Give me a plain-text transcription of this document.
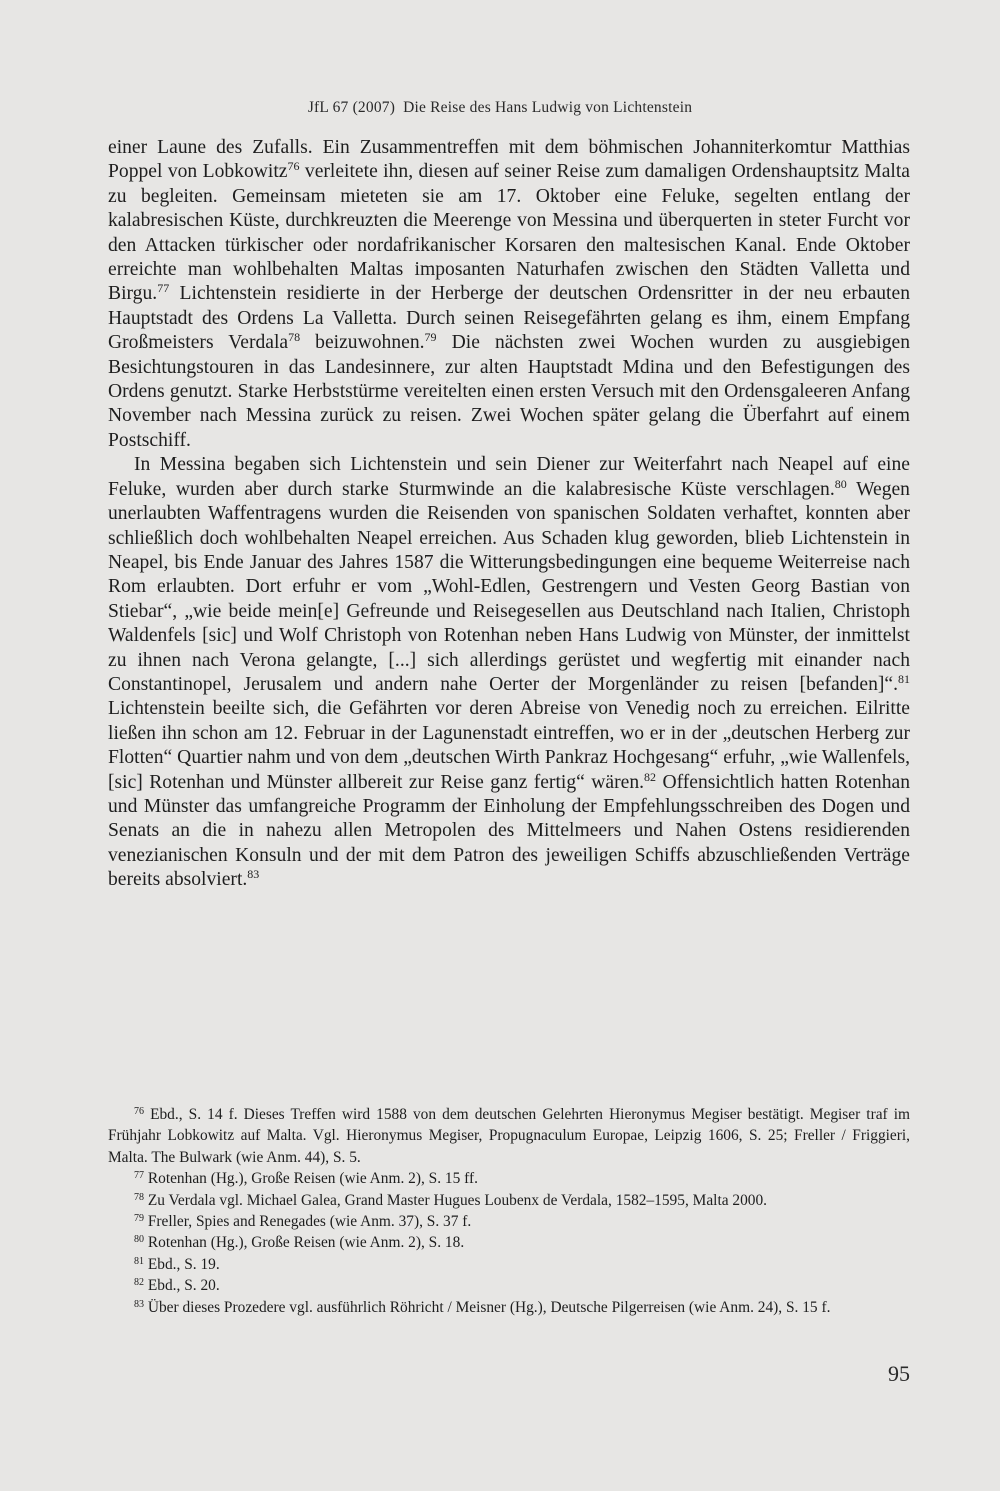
JfL 67 (2007) Die Reise des Hans Ludwig von Lichtenstein

einer Laune des Zufalls. Ein Zusammentreffen mit dem böhmischen Johanniterkomtur Matthias Poppel von Lobkowitz$^{76}$ verleitete ihn, diesen auf seiner Reise zum damaligen Ordenshauptsitz Malta zu begleiten. Gemeinsam mieteten sie am 17. Oktober eine Feluke, segelten entlang der kalabresischen Küste, durchkreuzten die Meerenge von Messina und überquerten in steter Furcht vor den Attacken türkischer oder nordafrikanischer Korsaren den maltesischen Kanal. Ende Oktober erreichte man wohlbehalten Maltas imposanten Naturhafen zwischen den Städten Valletta und Birgu.$^{77}$ Lichtenstein residierte in der Herberge der deutschen Ordensritter in der neu erbauten Hauptstadt des Ordens La Valletta. Durch seinen Reisegefährten gelang es ihm, einem Empfang Großmeisters Verdala$^{78}$ beizuwohnen.$^{79}$ Die nächsten zwei Wochen wurden zu ausgiebigen Besichtungstouren in das Landesinnere, zur alten Hauptstadt Mdina und den Befestigungen des Ordens genutzt. Starke Herbststürme vereitelten einen ersten Versuch mit den Ordensgaleeren Anfang November nach Messina zurück zu reisen. Zwei Wochen später gelang die Überfahrt auf einem Postschiff.

In Messina begaben sich Lichtenstein und sein Diener zur Weiterfahrt nach Neapel auf eine Feluke, wurden aber durch starke Sturmwinde an die kalabresische Küste verschlagen.$^{80}$ Wegen unerlaubten Waffentragens wurden die Reisenden von spanischen Soldaten verhaftet, konnten aber schließlich doch wohlbehalten Neapel erreichen. Aus Schaden klug geworden, blieb Lichtenstein in Neapel, bis Ende Januar des Jahres 1587 die Witterungsbedingungen eine bequeme Weiterreise nach Rom erlaubten. Dort erfuhr er vom „Wohl-Edlen, Gestrengern und Vesten Georg Bastian von Stiebar“, „wie beide mein[e] Gefreunde und Reisegesellen aus Deutschland nach Italien, Christoph Waldenfels [sic] und Wolf Christoph von Rotenhan neben Hans Ludwig von Münster, der inmittelst zu ihnen nach Verona gelangte, [...] sich allerdings gerüstet und wegfertig mit einander nach Constantinopel, Jerusalem und andern nahe Oerter der Morgenländer zu reisen [befanden]“.$^{81}$ Lichtenstein beeilte sich, die Gefährten vor deren Abreise von Venedig noch zu erreichen. Eilritte ließen ihn schon am 12. Februar in der Lagunenstadt eintreffen, wo er in der „deutschen Herberg zur Flotten“ Quartier nahm und von dem „deutschen Wirth Pankraz Hochgesang“ erfuhr, „wie Wallenfels, [sic] Rotenhan und Münster allbereit zur Reise ganz fertig“ wären.$^{82}$ Offensichtlich hatten Rotenhan und Münster das umfangreiche Programm der Einholung der Empfehlungsschreiben des Dogen und Senats an die in nahezu allen Metropolen des Mittelmeers und Nahen Ostens residierenden venezianischen Konsuln und der mit dem Patron des jeweiligen Schiffs abzuschließenden Verträge bereits absolviert.$^{83}$

$^{76}$ Ebd., S. 14 f. Dieses Treffen wird 1588 von dem deutschen Gelehrten Hieronymus Megiser bestätigt. Megiser traf im Frühjahr Lobkowitz auf Malta. Vgl. Hieronymus Megiser, Propugnaculum Europae, Leipzig 1606, S. 25; Freller / Friggieri, Malta. The Bulwark (wie Anm. 44), S. 5.

$^{77}$ Rotenhan (Hg.), Große Reisen (wie Anm. 2), S. 15 ff.

$^{78}$ Zu Verdala vgl. Michael Galea, Grand Master Hugues Loubenx de Verdala, 1582–1595, Malta 2000.

$^{79}$ Freller, Spies and Renegades (wie Anm. 37), S. 37 f.

$^{80}$ Rotenhan (Hg.), Große Reisen (wie Anm. 2), S. 18.

$^{81}$ Ebd., S. 19.

$^{82}$ Ebd., S. 20.

$^{83}$ Über dieses Prozedere vgl. ausführlich Röhricht / Meisner (Hg.), Deutsche Pilgerreisen (wie Anm. 24), S. 15 f.

95
